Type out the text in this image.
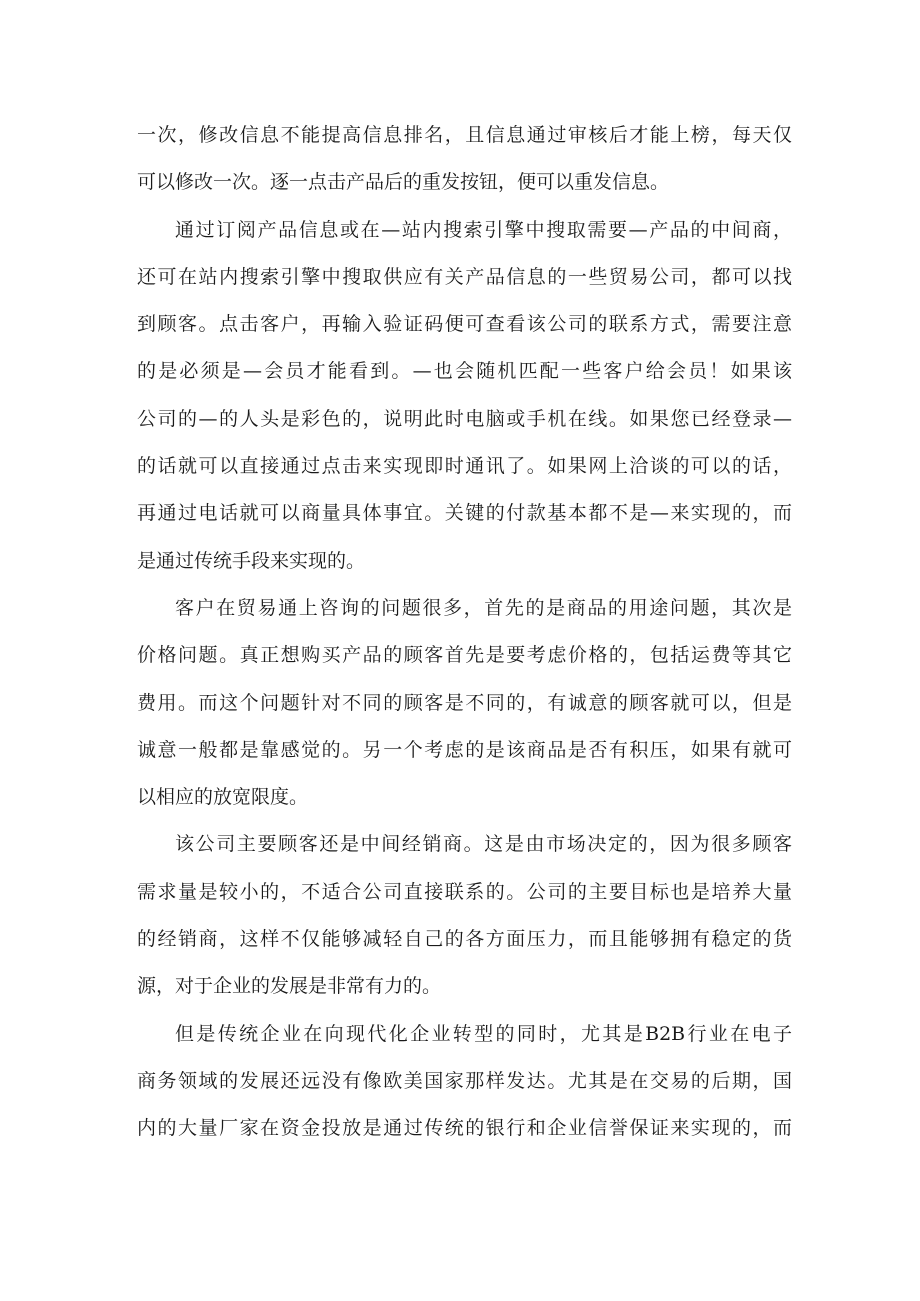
一次，修改信息不能提高信息排名，且信息通过审核后才能上榜，每天仅
可以修改一次。逐一点击产品后的重发按钮，便可以重发信息。
通过订阅产品信息或在—站内搜索引擎中搜取需要—产品的中间商，
还可在站内搜索引擎中搜取供应有关产品信息的一些贸易公司，都可以找
到顾客。点击客户，再输入验证码便可查看该公司的联系方式，需要注意
的是必须是—会员才能看到。—也会随机匹配一些客户给会员！如果该
公司的—的人头是彩色的，说明此时电脑或手机在线。如果您已经登录—
的话就可以直接通过点击来实现即时通讯了。如果网上洽谈的可以的话，
再通过电话就可以商量具体事宜。关键的付款基本都不是—来实现的，而
是通过传统手段来实现的。
客户在贸易通上咨询的问题很多，首先的是商品的用途问题，其次是
价格问题。真正想购买产品的顾客首先是要考虑价格的，包括运费等其它
费用。而这个问题针对不同的顾客是不同的，有诚意的顾客就可以，但是
诚意一般都是靠感觉的。另一个考虑的是该商品是否有积压，如果有就可
以相应的放宽限度。
该公司主要顾客还是中间经销商。这是由市场决定的，因为很多顾客
需求量是较小的，不适合公司直接联系的。公司的主要目标也是培养大量
的经销商，这样不仅能够减轻自己的各方面压力，而且能够拥有稳定的货
源，对于企业的发展是非常有力的。
但是传统企业在向现代化企业转型的同时，尤其是B2B行业在电子
商务领域的发展还远没有像欧美国家那样发达。尤其是在交易的后期，国
内的大量厂家在资金投放是通过传统的银行和企业信誉保证来实现的，而
